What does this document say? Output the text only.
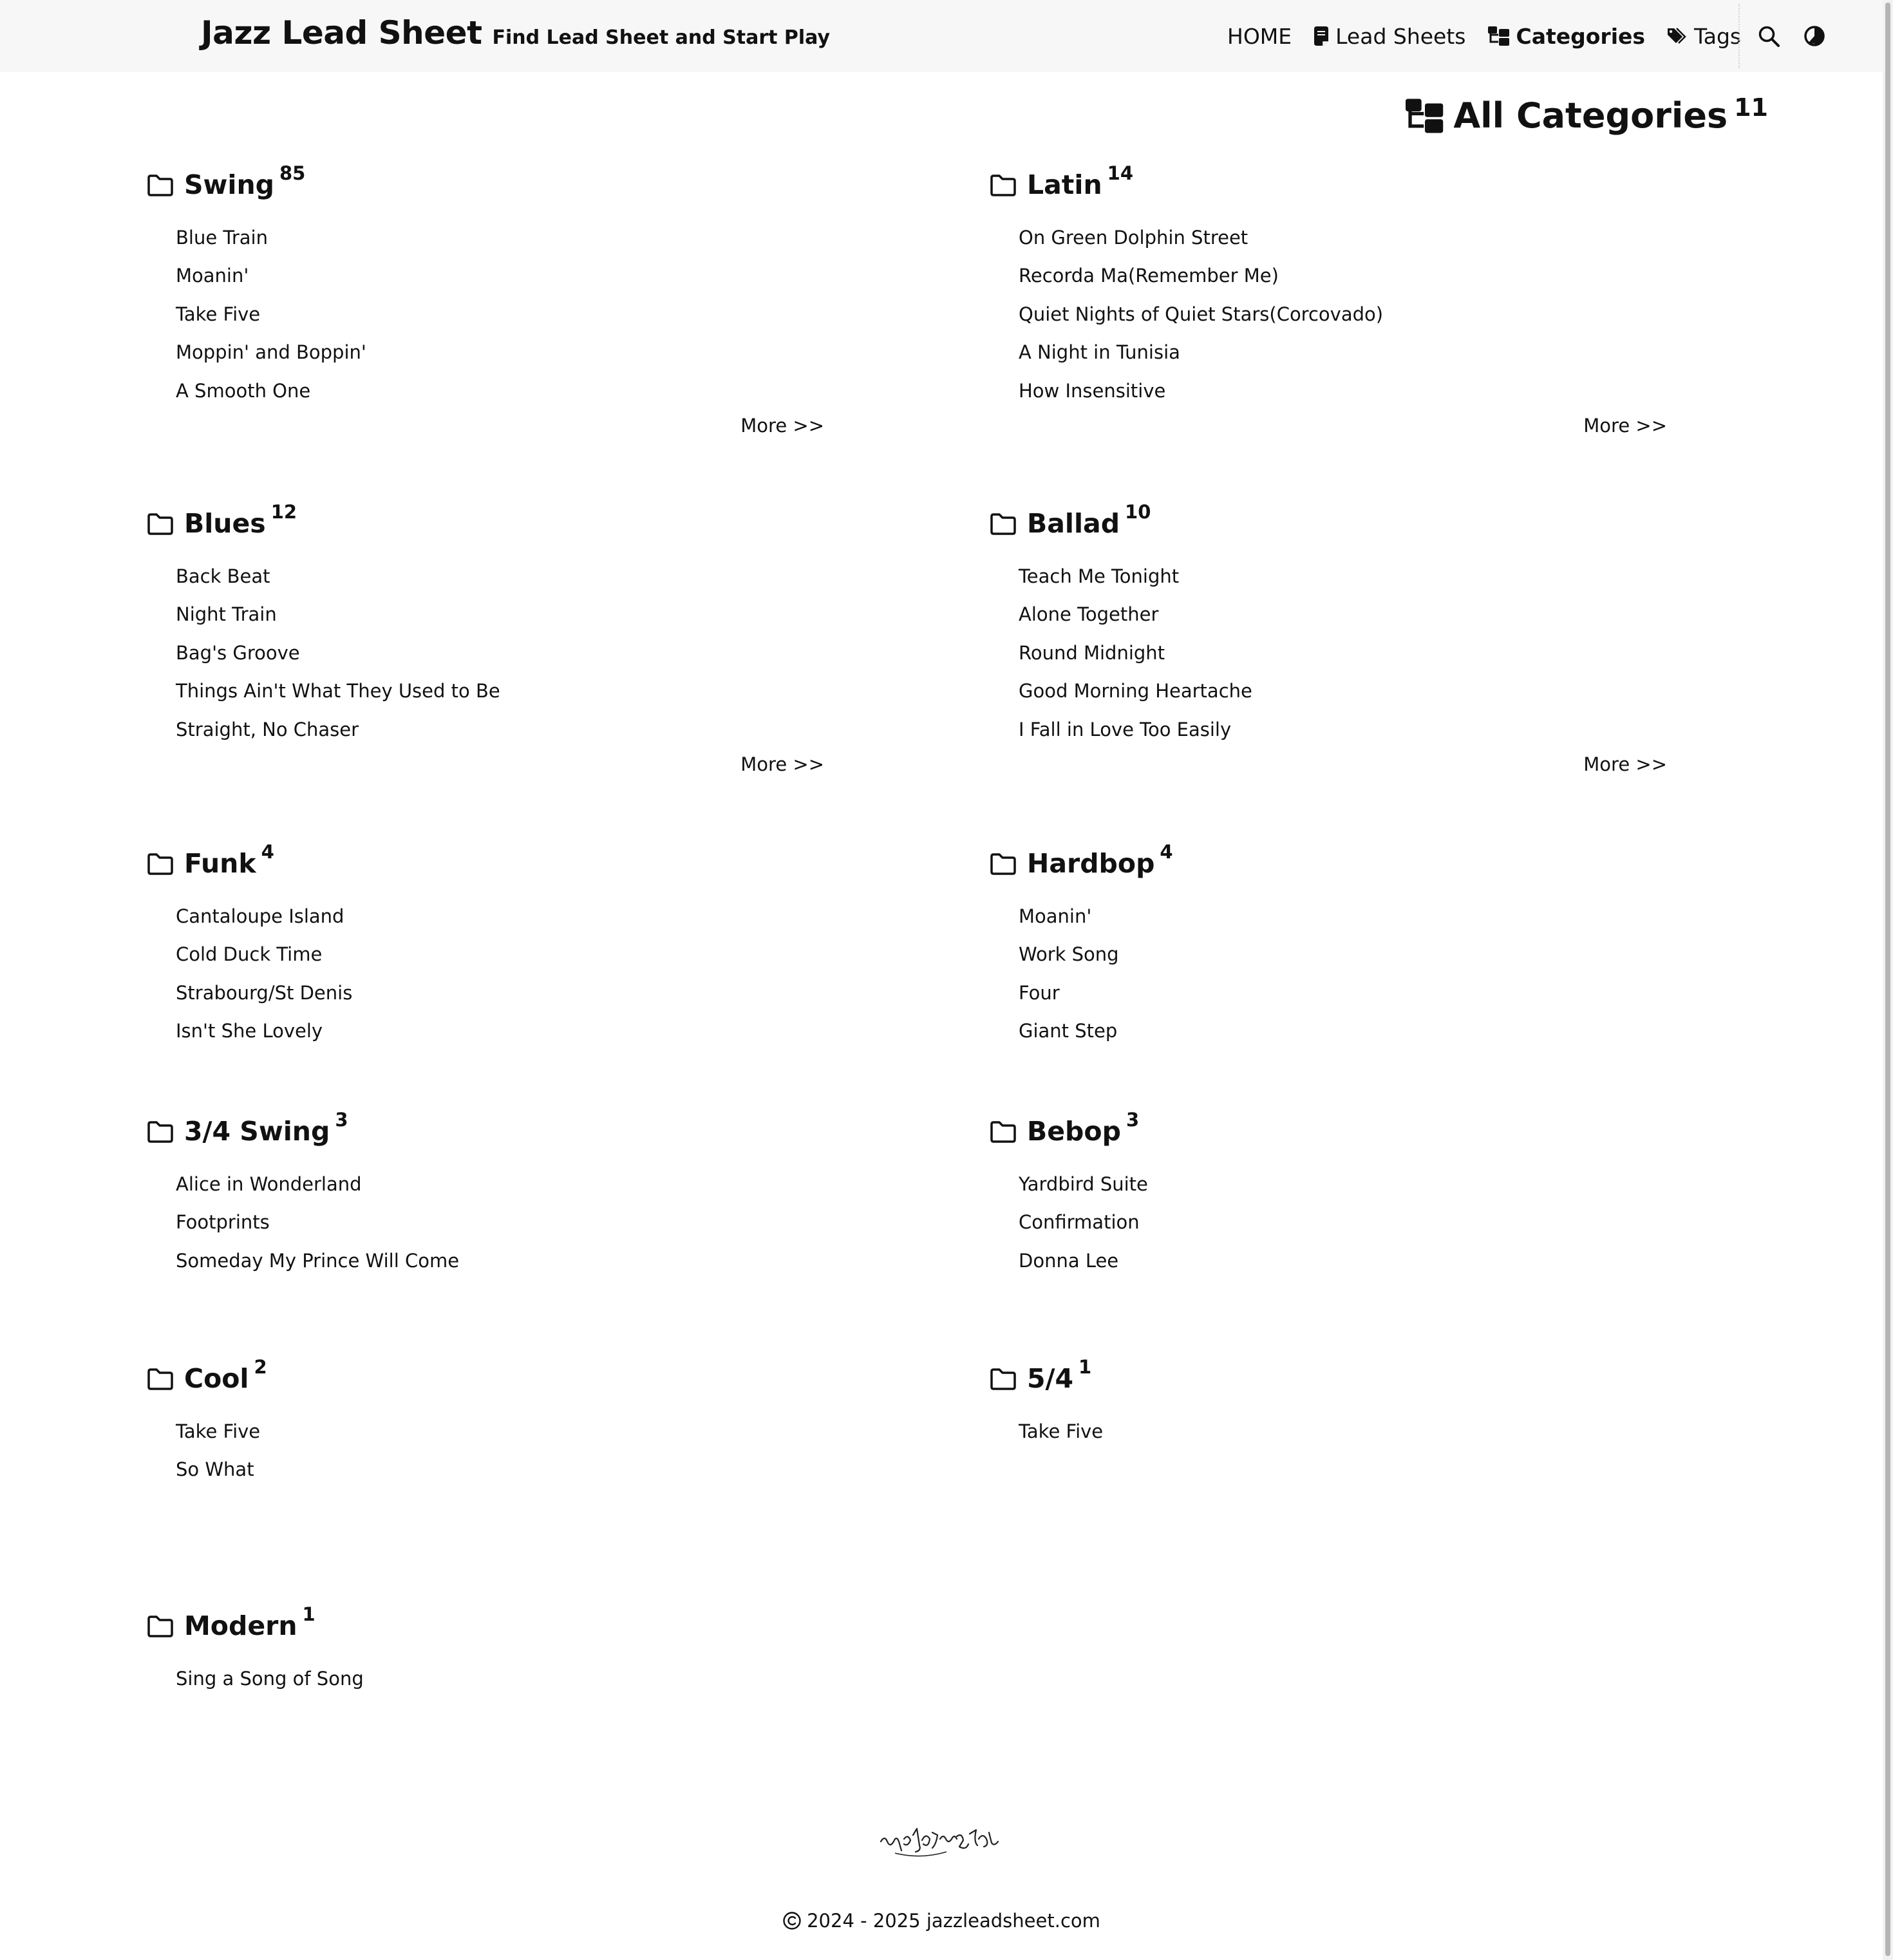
Jazz Lead Sheet Find Lead Sheet and Start Play	HOME Lead Sheets Categories Tags
All Categories 11
Swing 85
Blue Train
Moanin'
Take Five
Moppin' and Boppin'
A Smooth One
More >>
Latin 14
On Green Dolphin Street
Recorda Ma(Remember Me)
Quiet Nights of Quiet Stars(Corcovado)
A Night in Tunisia
How Insensitive
More >>
Blues 12
Back Beat
Night Train
Bag's Groove
Things Ain't What They Used to Be
Straight, No Chaser
More >>
Ballad 10
Teach Me Tonight
Alone Together
Round Midnight
Good Morning Heartache
I Fall in Love Too Easily
More >>
Funk 4
Cantaloupe Island
Cold Duck Time
Strabourg/St Denis
Isn't She Lovely
Hardbop 4
Moanin'
Work Song
Four
Giant Step
3/4 Swing 3
Alice in Wonderland
Footprints
Someday My Prince Will Come
Bebop 3
Yardbird Suite
Confirmation
Donna Lee
Cool 2
Take Five
So What
5/4 1
Take Five
Modern 1
Sing a Song of Song
2024 - 2025 jazzleadsheet.com
